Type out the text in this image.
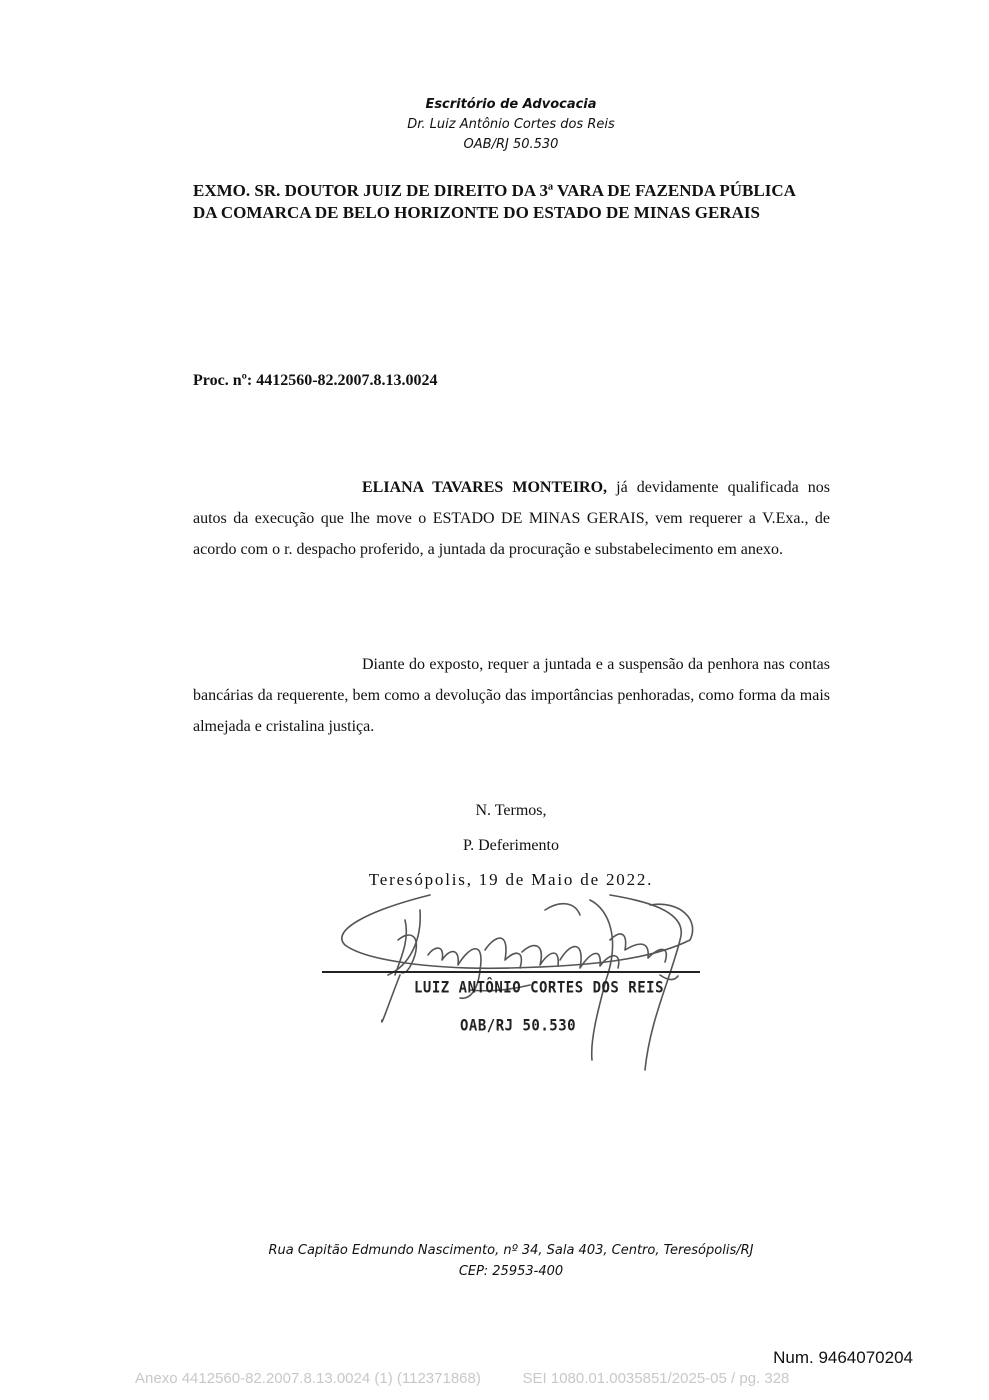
Escritório de Advocacia
Dr. Luiz Antônio Cortes dos Reis
OAB/RJ 50.530
EXMO. SR. DOUTOR JUIZ DE DIREITO DA 3ª VARA DE FAZENDA PÚBLICA
DA COMARCA DE BELO HORIZONTE DO ESTADO DE MINAS GERAIS
Proc. nº: 4412560-82.2007.8.13.0024
ELIANA TAVARES MONTEIRO, já devidamente qualificada nos autos da execução que lhe move o ESTADO DE MINAS GERAIS, vem requerer a V.Exa., de acordo com o r. despacho proferido, a juntada da procuração e substabelecimento em anexo.
Diante do exposto, requer a juntada e a suspensão da penhora nas contas bancárias da requerente, bem como a devolução das importâncias penhoradas, como forma da mais almejada e cristalina justiça.
N. Termos,
P. Deferimento
Teresópolis, 19 de Maio de 2022.
LUIZ ANTÔNIO CORTES DOS REIS
OAB/RJ 50.530
Rua Capitão Edmundo Nascimento, nº 34, Sala 403, Centro, Teresópolis/RJ
CEP: 25953-400
Num. 9464070204
Anexo 4412560-82.2007.8.13.0024 (1) (112371868)          SEI 1080.01.0035851/2025-05 / pg. 328
